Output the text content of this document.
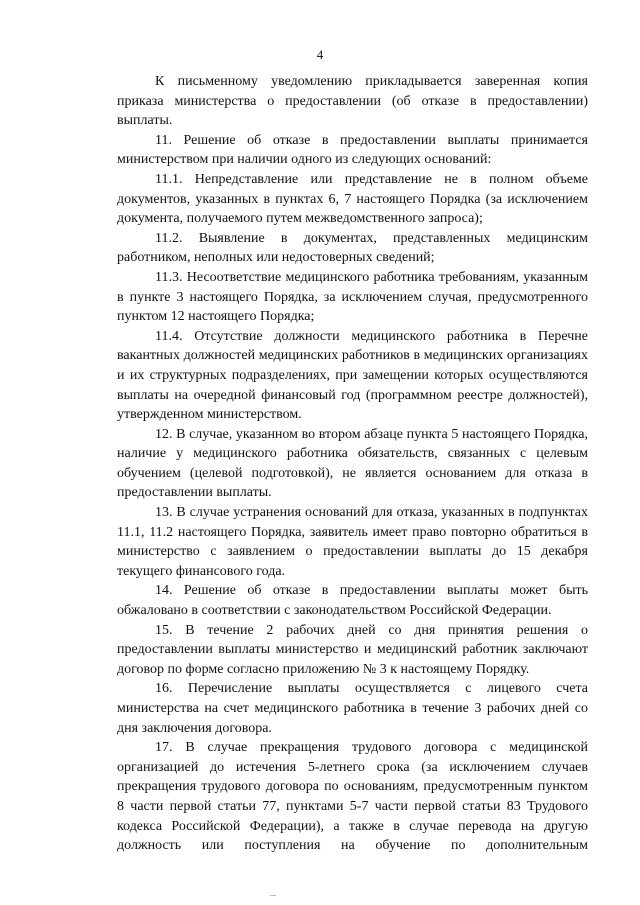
4

К письменному уведомлению прикладывается заверенная копия приказа министерства о предоставлении (об отказе в предоставлении) выплаты.

11. Решение об отказе в предоставлении выплаты принимается министерством при наличии одного из следующих оснований:

11.1. Непредставление или представление не в полном объеме документов, указанных в пунктах 6, 7 настоящего Порядка (за исключением документа, получаемого путем межведомственного запроса);

11.2. Выявление в документах, представленных медицинским работником, неполных или недостоверных сведений;

11.3. Несоответствие медицинского работника требованиям, указанным в пункте 3 настоящего Порядка, за исключением случая, предусмотренного пунктом 12 настоящего Порядка;

11.4. Отсутствие должности медицинского работника в Перечне вакантных должностей медицинских работников в медицинских организациях и их структурных подразделениях, при замещении которых осуществляются выплаты на очередной финансовый год (программном реестре должностей), утвержденном министерством.

12. В случае, указанном во втором абзаце пункта 5 настоящего Порядка, наличие у медицинского работника обязательств, связанных с целевым обучением (целевой подготовкой), не является основанием для отказа в предоставлении выплаты.

13. В случае устранения оснований для отказа, указанных в подпунктах 11.1, 11.2 настоящего Порядка, заявитель имеет право повторно обратиться в министерство с заявлением о предоставлении выплаты до 15 декабря текущего финансового года.

14. Решение об отказе в предоставлении выплаты может быть обжаловано в соответствии с законодательством Российской Федерации.

15. В течение 2 рабочих дней со дня принятия решения о предоставлении выплаты министерство и медицинский работник заключают договор по форме согласно приложению № 3 к настоящему Порядку.

16. Перечисление выплаты осуществляется с лицевого счета министерства на счет медицинского работника в течение 3 рабочих дней со дня заключения договора.

17. В случае прекращения трудового договора с медицинской организацией до истечения 5-летнего срока (за исключением случаев прекращения трудового договора по основаниям, предусмотренным пунктом 8 части первой статьи 77, пунктами 5-7 части первой статьи 83 Трудового кодекса Российской Федерации), а также в случае перевода на другую должность или поступления на обучение по дополнительным
